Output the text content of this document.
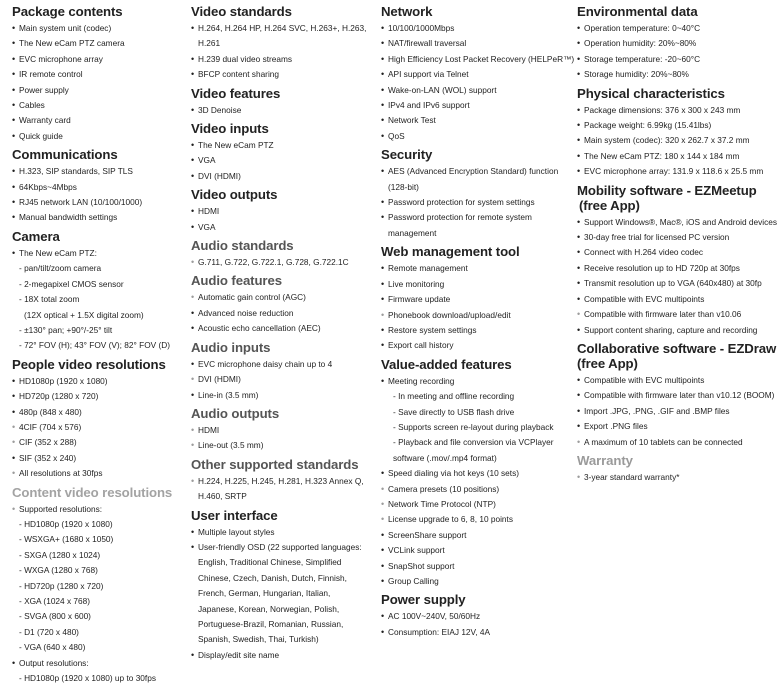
Package contents
• Main system unit (codec)
• The New eCam PTZ camera
• EVC microphone array
• IR remote control
• Power supply
• Cables
• Warranty card
• Quick guide
Communications
• H.323, SIP standards, SIP TLS
• 64Kbps~4Mbps
• RJ45 network LAN (10/100/1000)
• Manual bandwidth settings
Camera
• The New eCam PTZ:
- pan/tilt/zoom camera
- 2-megapixel CMOS sensor
- 18X total zoom
(12X optical + 1.5X digital zoom)
- ±130° pan; +90°/-25° tilt
- 72° FOV (H); 43° FOV (V); 82° FOV (D)
People video resolutions
• HD1080p (1920 x 1080)
• HD720p (1280 x 720)
• 480p (848 x 480)
• 4CIF (704 x 576)
• CIF (352 x 288)
• SIF (352 x 240)
• All resolutions at 30fps
Content video resolutions
• Supported resolutions:
- HD1080p (1920 x 1080)
- WSXGA+ (1680 x 1050)
- SXGA (1280 x 1024)
- WXGA (1280 x 768)
- HD720p (1280 x 720)
- XGA (1024 x 768)
- SVGA (800 x 600)
- D1 (720 x 480)
- VGA (640 x 480)
• Output resolutions:
- HD1080p (1920 x 1080) up to 30fps
Video standards
• H.264, H.264 HP, H.264 SVC, H.263+, H.263,
H.261
• H.239 dual video streams
• BFCP content sharing
Video features
• 3D Denoise
Video inputs
• The New eCam PTZ
• VGA
• DVI (HDMI)
Video outputs
• HDMI
• VGA
Audio standards
• G.711, G.722, G.722.1, G.728, G.722.1C
Audio features
• Automatic gain control (AGC)
• Advanced noise reduction
• Acoustic echo cancellation (AEC)
Audio inputs
• EVC microphone daisy chain up to 4
• DVI (HDMI)
• Line-in (3.5 mm)
Audio outputs
• HDMI
• Line-out (3.5 mm)
Other supported standards
• H.224, H.225, H.245, H.281, H.323 Annex Q,
H.460, SRTP
User interface
• Multiple layout styles
• User-friendly OSD (22 supported languages:
English, Traditional Chinese, Simplified
Chinese, Czech, Danish, Dutch, Finnish,
French, German, Hungarian, Italian,
Japanese, Korean, Norwegian, Polish,
Portuguese-Brazil, Romanian, Russian,
Spanish, Swedish, Thai, Turkish)
• Display/edit site name
Network
• 10/100/1000Mbps
• NAT/firewall traversal
• High Efficiency Lost Packet Recovery (HELPeR™)
• API support via Telnet
• Wake-on-LAN (WOL) support
• IPv4 and IPv6 support
• Network Test
• QoS
Security
• AES (Advanced Encryption Standard) function
(128-bit)
• Password protection for system settings
• Password protection for remote system
management
Web management tool
• Remote management
• Live monitoring
• Firmware update
• Phonebook download/upload/edit
• Restore system settings
• Export call history
Value-added features
• Meeting recording
- In meeting and offline recording
- Save directly to USB flash drive
- Supports screen re-layout during playback
- Playback and file conversion via VCPlayer
software (.mov/.mp4 format)
• Speed dialing via hot keys (10 sets)
• Camera presets (10 positions)
• Network Time Protocol (NTP)
• License upgrade to 6, 8, 10 points
• ScreenShare support
• VCLink support
• SnapShot support
• Group Calling
Power supply
• AC 100V~240V, 50/60Hz
• Consumption: EIAJ 12V, 4A
Environmental data
• Operation temperature: 0~40°C
• Operation humidity: 20%~80%
• Storage temperature: -20~60°C
• Storage humidity: 20%~80%
Physical characteristics
• Package dimensions: 376 x 300 x 243 mm
• Package weight: 6.99kg (15.41lbs)
• Main system (codec): 320 x 262.7 x 37.2 mm
• The New eCam PTZ: 180 x 144 x 184 mm
• EVC microphone array: 131.9 x 118.6 x 25.5 mm
Mobility software - EZMeetup
(free App)
• Support Windows®, Mac®, iOS and Android devices
• 30-day free trial for licensed PC version
• Connect with H.264 video codec
• Receive resolution up to HD 720p at 30fps
• Transmit resolution up to VGA (640x480) at 30fp
• Compatible with EVC multipoints
• Compatible with firmware later than v10.06
• Support content sharing, capture and recording
Collaborative software - EZDraw
(free App)
• Compatible with EVC multipoints
• Compatible with firmware later than v10.12 (BOOM)
• Import .JPG, .PNG, .GIF and .BMP files
• Export .PNG files
• A maximum of 10 tablets can be connected
Warranty
• 3-year standard warranty*
